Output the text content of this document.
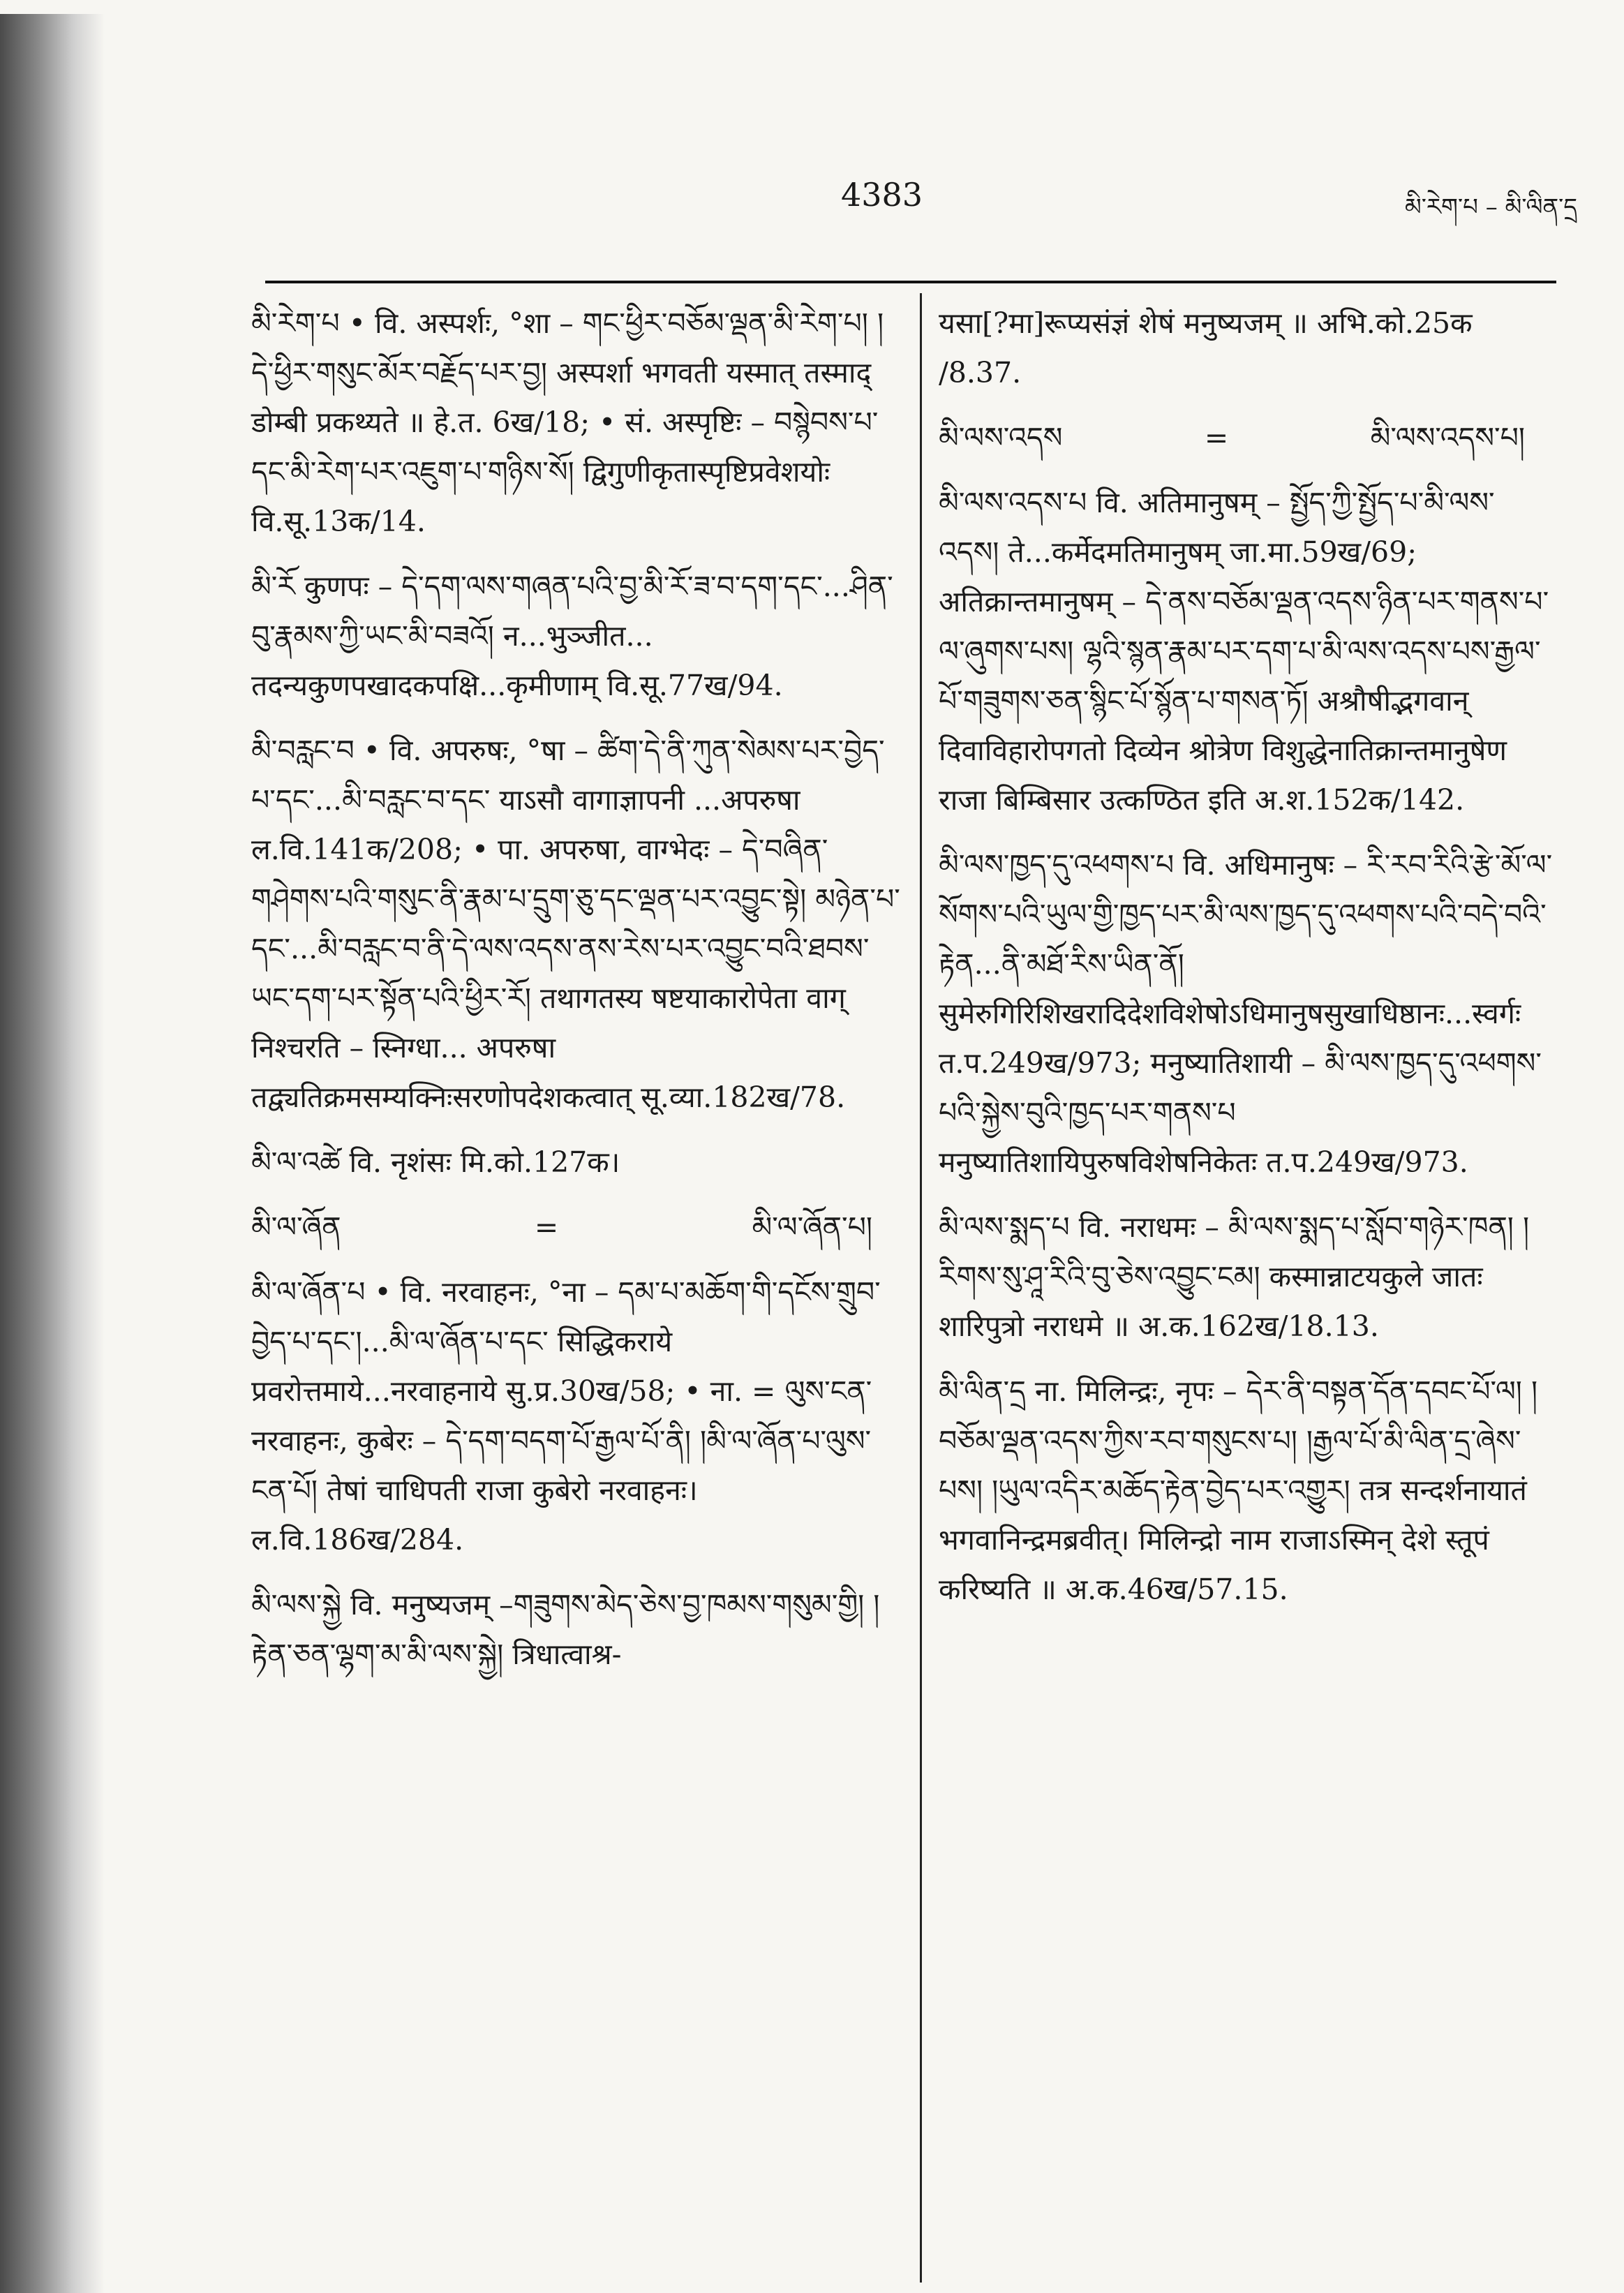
4383	མི་རེག་པ – མི་ལིན་དྲ
མི་རེག་པ • वि. अस्पर्शः, °शा – གང་ཕྱིར་བཅོམ་ལྡན་མི་རེག་པ། །དེ་ཕྱིར་གསུང་མོར་བརྗོད་པར་བྱ། अस्पर्शा भगवती यस्मात् तस्माद् डोम्बी प्रकथ्यते ॥ हे.त. 6ख/18; • सं. अस्पृष्टिः – བསྙེབས་པ་དང་མི་རེག་པར་འཇུག་པ་གཉིས་སོ། द्विगुणीकृतास्पृष्टिप्रवेशयोः वि.सू.13क/14.
མི་རོ कुणपः – དེ་དག་ལས་གཞན་པའི་བྱ་མི་རོ་ཟ་བ་དག་དང་...ཤིན་བུ་རྣམས་ཀྱི་ཡང་མི་བཟའོ། न...भुञ्जीत... तदन्यकुणपखादकपक्षि...कृमीणाम् वि.सू.77ख/94.
མི་བརླང་བ • वि. अपरुषः, °षा – ཚིག་དེ་ནི་ཀུན་སེམས་པར་བྱེད་པ་དང་...མི་བརླང་བ་དང་ याऽसौ वागाज्ञापनी ...अपरुषा ल.वि.141क/208; • पा. अपरुषा, वाग्भेदः – དེ་བཞིན་གཤེགས་པའི་གསུང་ནི་རྣམ་པ་དྲུག་ཅུ་དང་ལྡན་པར་འབྱུང་སྟེ། མཉེན་པ་དང་...མི་བརླང་བ་ནི་དེ་ལས་འདས་ནས་རེས་པར་འབྱུང་བའི་ཐབས་ཡང་དག་པར་སྟོན་པའི་ཕྱིར་རོ། तथागतस्य षष्टयाकारोपेता वाग् निश्चरति – स्निग्धा... अपरुषा तद्व्यतिक्रमसम्यक्निःसरणोपदेशकत्वात् सू.व्या.182ख/78.
མི་ལ་འཚེ वि. नृशंसः मि.को.127क।
མི་ལ་ཞོན	=	མི་ལ་ཞོན་པ།
མི་ལ་ཞོན་པ • वि. नरवाहनः, °ना – དམ་པ་མཆོག་གི་དངོས་གྲུབ་བྱེད་པ་དང་།...མི་ལ་ཞོན་པ་དང་ सिद्धिकराये प्रवरोत्तमाये...नरवाहनाये सु.प्र.30ख/58; • ना. = ལུས་ངན་ नरवाहनः, कुबेरः – དེ་དག་བདག་པོ་རྒྱལ་པོ་ནི། །མི་ལ་ཞོན་པ་ལུས་ངན་པོ། तेषां चाधिपती राजा कुबेरो नरवाहनः। ल.वि.186ख/284.
མི་ལས་སྐྱེ वि. मनुष्यजम् –གཟུགས་མེད་ཅེས་བྱ་ཁམས་གསུམ་གྱི། །རྟེན་ཅན་ལྷག་མ་མི་ལས་སྐྱེ། त्रिधात्वाश्र-
यसा[?मा]रूप्यसंज्ञं शेषं मनुष्यजम् ॥ अभि.को.25क /8.37.
མི་ལས་འདས	=	མི་ལས་འདས་པ།
མི་ལས་འདས་པ वि. अतिमानुषम् – སྤྱོད་ཀྱི་སྤྱོད་པ་མི་ལས་འདས། ते...कर्मेदमतिमानुषम् जा.मा.59ख/69; अतिक्रान्तमानुषम् – དེ་ནས་བཅོམ་ལྡན་འདས་ཉིན་པར་གནས་པ་ལ་ཞུགས་པས། ལྷའི་སྙན་རྣམ་པར་དག་པ་མི་ལས་འདས་པས་རྒྱལ་པོ་གཟུགས་ཅན་སྙིང་པོ་སྙོན་པ་གསན་ཏོ། अश्रौषीद्भगवान् दिवाविहारोपगतो दिव्येन श्रोत्रेण विशुद्धेनातिक्रान्तमानुषेण राजा बिम्बिसार उत्कण्ठित इति अ.श.152क/142.
མི་ལས་ཁྱད་དུ་འཕགས་པ वि. अधिमानुषः – རི་རབ་རིའི་རྩེ་མོ་ལ་སོགས་པའི་ཡུལ་གྱི་ཁྱད་པར་མི་ལས་ཁྱད་དུ་འཕགས་པའི་བདེ་བའི་རྟེན...ནི་མཐོ་རིས་ཡིན་ནོ། सुमेरुगिरिशिखरादिदेशविशेषोऽधिमानुषसुखाधिष्ठानः...स्वर्गः त.प.249ख/973; मनुष्यातिशायी – མི་ལས་ཁྱད་དུ་འཕགས་པའི་སྐྱེས་བུའི་ཁྱད་པར་གནས་པ मनुष्यातिशायिपुरुषविशेषनिकेतः त.प.249ख/973.
མི་ལས་སྨད་པ वि. नराधमः – མི་ལས་སྨད་པ་སློབ་གཉེར་ཁན། །རིགས་སུ་ཤཱ་རིའི་བུ་ཅེས་འབྱུང་ངམ། कस्मान्नाटयकुले जातः शारिपुत्रो नराधमे ॥ अ.क.162ख/18.13.
མི་ལིན་དྲ ना. मिलिन्द्रः, नृपः – དེར་ནི་བསྟན་དོན་དབང་པོ་ལ། །བཅོམ་ལྡན་འདས་ཀྱིས་རབ་གསུངས་པ། །རྒྱལ་པོ་མི་ལིན་དྲ་ཞེས་པས། །ཡུལ་འདིར་མཆོད་རྟེན་བྱེད་པར་འགྱུར། तत्र सन्दर्शनायातं भगवानिन्द्रमब्रवीत्। मिलिन्द्रो नाम राजाऽस्मिन् देशे स्तूपं करिष्यति ॥ अ.क.46ख/57.15.
